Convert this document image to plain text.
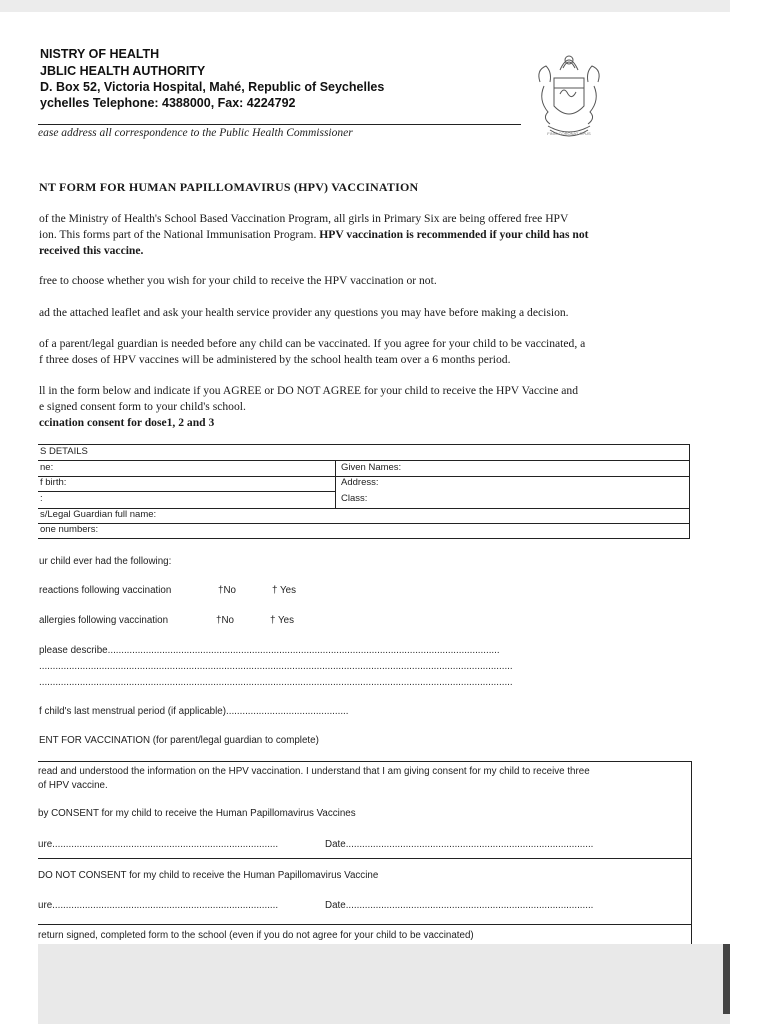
NISTRY OF HEALTH
JBLIC HEALTH AUTHORITY
D. Box 52, Victoria Hospital, Mahé, Republic of Seychelles
ychelles Telephone: 4388000, Fax: 4224792
ease address all correspondence to the Public Health Commissioner	FINIS CORONAT OPUS
NT FORM FOR HUMAN PAPILLOMAVIRUS (HPV) VACCINATION
of the Ministry of Health's School Based Vaccination Program, all girls in Primary Six are being offered free HPV
ion. This forms part of the National Immunisation Program. HPV vaccination is recommended if your child has not
received this vaccine.
free to choose whether you wish for your child to receive the HPV vaccination or not.
ad the attached leaflet and ask your health service provider any questions you may have before making a decision.
of a parent/legal guardian is needed before any child can be vaccinated. If you agree for your child to be vaccinated, a
f three doses of HPV vaccines will be administered by the school health team over a 6 months period.
ll in the form below and indicate if you AGREE or DO NOT AGREE for your child to receive the HPV Vaccine and
e signed consent form to your child's school.
ccination consent for dose1, 2 and 3
S DETAILS
ne:	Given Names:
f birth:	Address:
:	Class:
s/Legal Guardian full name:
one numbers:
ur child ever had the following:
reactions following vaccination	†No	† Yes
allergies following vaccination	†No	† Yes
please describe................................................................................................................................................
..............................................................................................................................................................................
..............................................................................................................................................................................
f child's last menstrual period (if applicable).............................................
ENT FOR VACCINATION (for parent/legal guardian to complete)
read and understood the information on the HPV vaccination. I understand that I am giving consent for my child to receive three
of HPV vaccine.
by CONSENT for my child to receive the Human Papillomavirus Vaccines
ure...................................................................................	Date...........................................................................................
DO NOT CONSENT for my child to receive the Human Papillomavirus Vaccine
ure...................................................................................	Date...........................................................................................
return signed, completed form to the school (even if you do not agree for your child to be vaccinated)
